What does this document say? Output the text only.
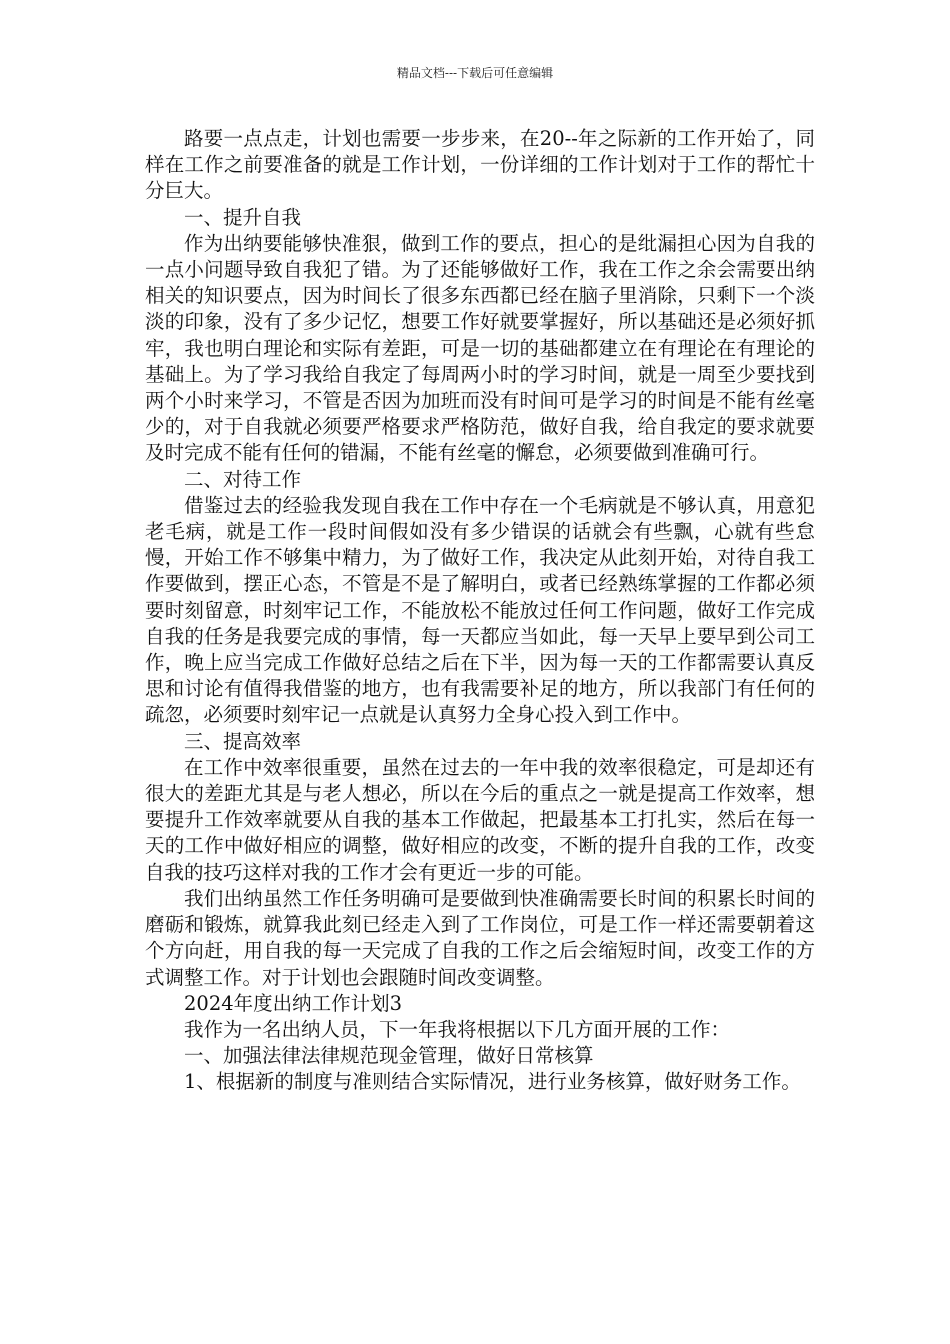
精品文档---下载后可任意编辑

路要一点点走，计划也需要一步步来，在20--年之际新的工作开始了，同样在工作之前要准备的就是工作计划，一份详细的工作计划对于工作的帮忙十分巨大。

一、提升自我

作为出纳要能够快准狠，做到工作的要点，担心的是纰漏担心因为自我的一点小问题导致自我犯了错。为了还能够做好工作，我在工作之余会需要出纳相关的知识要点，因为时间长了很多东西都已经在脑子里消除，只剩下一个淡淡的印象，没有了多少记忆，想要工作好就要掌握好，所以基础还是必须好抓牢，我也明白理论和实际有差距，可是一切的基础都建立在有理论在有理论的基础上。为了学习我给自我定了每周两小时的学习时间，就是一周至少要找到两个小时来学习，不管是否因为加班而没有时间可是学习的时间是不能有丝毫少的，对于自我就必须要严格要求严格防范，做好自我，给自我定的要求就要及时完成不能有任何的错漏，不能有丝毫的懈怠，必须要做到准确可行。

二、对待工作

借鉴过去的经验我发现自我在工作中存在一个毛病就是不够认真，用意犯老毛病，就是工作一段时间假如没有多少错误的话就会有些飘，心就有些怠慢，开始工作不够集中精力，为了做好工作，我决定从此刻开始，对待自我工作要做到，摆正心态，不管是不是了解明白，或者已经熟练掌握的工作都必须要时刻留意，时刻牢记工作，不能放松不能放过任何工作问题，做好工作完成自我的任务是我要完成的事情，每一天都应当如此，每一天早上要早到公司工作，晚上应当完成工作做好总结之后在下半，因为每一天的工作都需要认真反思和讨论有值得我借鉴的地方，也有我需要补足的地方，所以我部门有任何的疏忽，必须要时刻牢记一点就是认真努力全身心投入到工作中。

三、提高效率

在工作中效率很重要，虽然在过去的一年中我的效率很稳定，可是却还有很大的差距尤其是与老人想必，所以在今后的重点之一就是提高工作效率，想要提升工作效率就要从自我的基本工作做起，把最基本工打扎实，然后在每一天的工作中做好相应的调整，做好相应的改变，不断的提升自我的工作，改变自我的技巧这样对我的工作才会有更近一步的可能。

我们出纳虽然工作任务明确可是要做到快准确需要长时间的积累长时间的磨砺和锻炼，就算我此刻已经走入到了工作岗位，可是工作一样还需要朝着这个方向赶，用自我的每一天完成了自我的工作之后会缩短时间，改变工作的方式调整工作。对于计划也会跟随时间改变调整。

2024年度出纳工作计划3

我作为一名出纳人员，下一年我将根据以下几方面开展的工作：

一、加强法律法律规范现金管理，做好日常核算

1、根据新的制度与准则结合实际情况，进行业务核算，做好财务工作。
